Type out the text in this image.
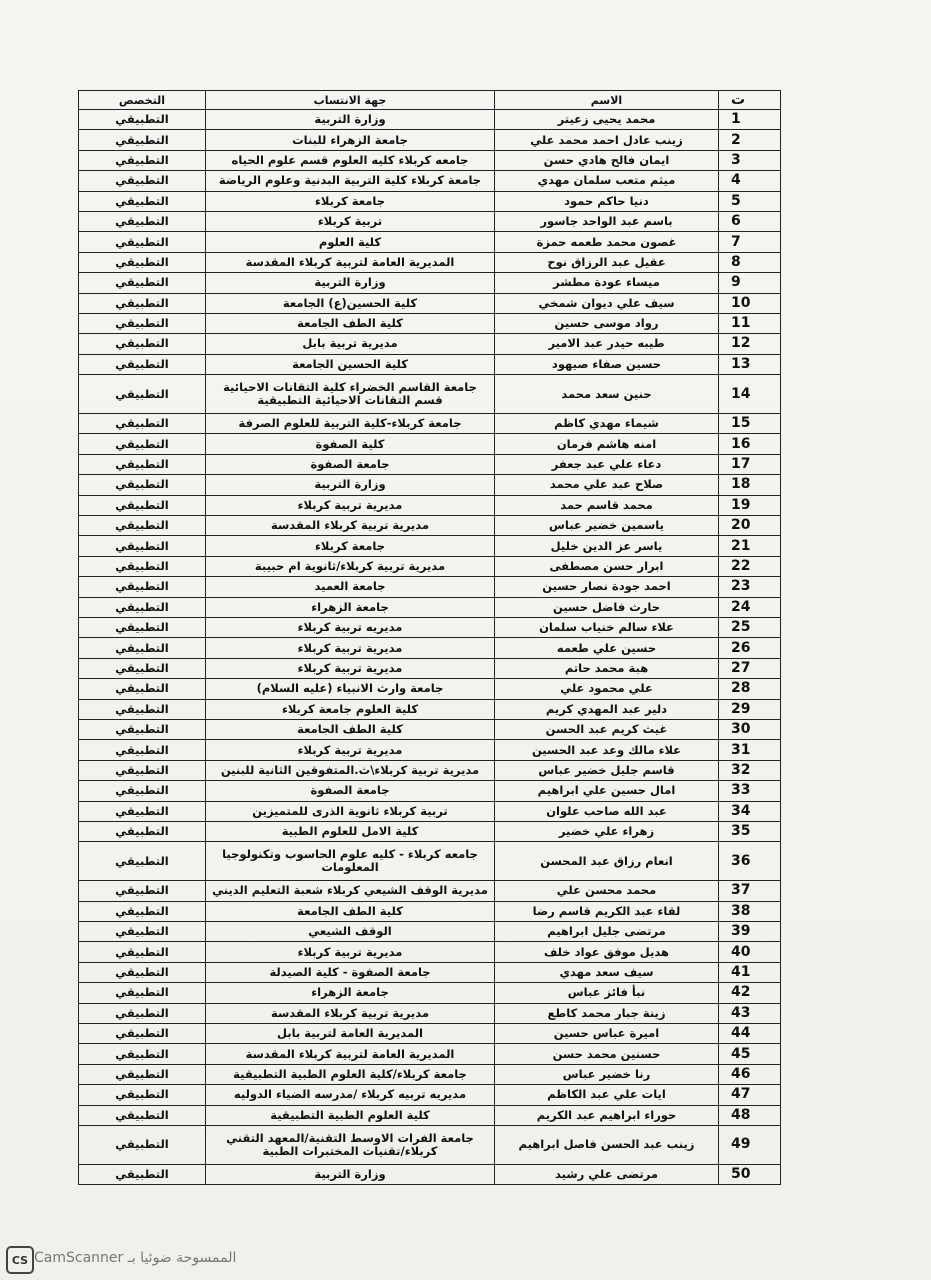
ت	الاسم	جهة الانتساب	التخصص
1	محمد يحيى زعيتر	وزارة التربية	التطبيقي
2	زينب عادل احمد محمد علي	جامعة الزهراء للبنات	التطبيقي
3	ايمان فالح هادي حسن	جامعه كربلاء كليه العلوم قسم علوم الحياه	التطبيقي
4	ميثم متعب سلمان مهدي	جامعة كربلاء كلية التربية البدنية وعلوم الرياضة	التطبيقي
5	دنيا حاكم حمود	جامعة كربلاء	التطبيقي
6	باسم عبد الواحد جاسور	تربية كربلاء	التطبيقي
7	غصون محمد طعمه حمزة	كلية العلوم	التطبيقي
8	عقيل عبد الرزاق نوح	المديرية العامة لتربية كربلاء المقدسة	التطبيقي
9	ميساء عودة مطشر	وزارة التربية	التطبيقي
10	سيف علي ديوان شمخي	كلية الحسين(ع) الجامعة	التطبيقي
11	رواد موسى حسين	كلية الطف الجامعة	التطبيقي
12	طيبه حيدر عبد الامير	مديرية تربية بابل	التطبيقي
13	حسين صفاء صيهود	كلية الحسين الجامعة	التطبيقي
14	حنين سعد محمد	جامعة القاسم الخضراء كلية التقانات الاحيائية قسم التقانات الاحيائية التطبيقية	التطبيقي
15	شيماء مهدي كاظم	جامعة كربلاء-كلية التربية للعلوم الصرفة	التطبيقي
16	امنه هاشم فرمان	كلية الصفوة	التطبيقي
17	دعاء علي عبد جعفر	جامعة الصفوة	التطبيقي
18	صلاح عبد علي محمد	وزارة التربية	التطبيقي
19	محمد قاسم حمد	مديرية تربية كربلاء	التطبيقي
20	ياسمين خضير عباس	مديرية تربية كربلاء المقدسة	التطبيقي
21	ياسر عز الدين خليل	جامعة كربلاء	التطبيقي
22	ابرار حسن مصطفى	مديرية تربية كربلاء/ثانوية ام حبيبة	التطبيقي
23	احمد جودة نصار حسين	جامعة العميد	التطبيقي
24	حارث فاضل حسين	جامعة الزهراء	التطبيقي
25	علاء سالم خنياب سلمان	مديريه تربية كربلاء	التطبيقي
26	حسين علي طعمه	مديرية تربية كربلاء	التطبيقي
27	هبة محمد حاتم	مديرية تربية كربلاء	التطبيقي
28	علي محمود علي	جامعة وارث الانبياء (عليه السلام)	التطبيقي
29	دلير عبد المهدي كريم	كلية العلوم جامعة كربلاء	التطبيقي
30	غيث كريم عبد الحسن	كلية الطف الجامعة	التطبيقي
31	علاء مالك وعد عبد الحسين	مديرية تربية كربلاء	التطبيقي
32	قاسم جليل خضير عباس	مديرية تربية كربلاء\ث.المتفوقين الثانية للبنين	التطبيقي
33	امال حسين علي ابراهيم	جامعة الصفوة	التطبيقي
34	عبد الله صاحب علوان	تربية كربلاء ثانوية الذرى للمتميزين	التطبيقي
35	زهراء علي خضير	كلية الامل للعلوم الطبية	التطبيقي
36	انعام رزاق عبد المحسن	جامعه كربلاء - كليه علوم الحاسوب وتكنولوجيا المعلومات	التطبيقي
37	محمد محسن علي	مديرية الوقف الشيعي كربلاء شعبة التعليم الديني	التطبيقي
38	لقاء عبد الكريم قاسم رضا	كلية الطف الجامعة	التطبيقي
39	مرتضى جليل ابراهيم	الوقف الشيعي	التطبيقي
40	هديل موفق عواد خلف	مديرية تربية كربلاء	التطبيقي
41	سيف سعد مهدي	جامعة الصفوة - كلية الصيدلة	التطبيقي
42	نبأ فائز عباس	جامعة الزهراء	التطبيقي
43	زينة جبار محمد كاطع	مديرية تربية كربلاء المقدسة	التطبيقي
44	اميرة عباس حسين	المديرية العامة لتربية بابل	التطبيقي
45	حسنين محمد حسن	المديرية العامة لتربية كربلاء المقدسة	التطبيقي
46	رنا خضير عباس	جامعة كربلاء/كلية العلوم الطبية التطبيقية	التطبيقي
47	ايات علي عبد الكاظم	مديريه تربيه كربلاء /مدرسه الضياء الدوليه	التطبيقي
48	حوراء ابراهيم عبد الكريم	كلية العلوم الطبية التطبيقية	التطبيقي
49	زينب عبد الحسن فاصل ابراهيم	جامعة الفرات الاوسط التقنية/المعهد التقني كربلاء/تقنيات المختبرات الطبية	التطبيقي
50	مرتضى علي رشيد	وزارة التربية	التطبيقي
CS الممسوحة ضوئيا بـ CamScanner
